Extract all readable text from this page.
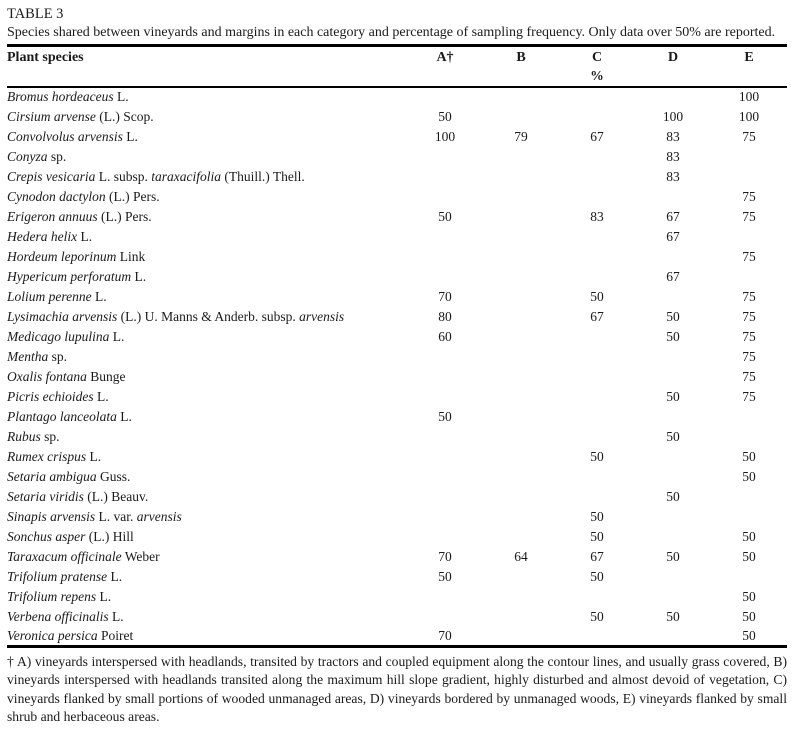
TABLE 3
Species shared between vineyards and margins in each category and percentage of sampling frequency. Only data over 50% are reported.
Plant species	A†	B	C	D	E
			%		
Bromus hordeaceus L.					100
Cirsium arvense (L.) Scop.	50			100	100
Convolvolus arvensis L.	100	79	67	83	75
Conyza sp.				83	
Crepis vesicaria L. subsp. taraxacifolia (Thuill.) Thell.				83	
Cynodon dactylon (L.) Pers.					75
Erigeron annuus (L.) Pers.	50		83	67	75
Hedera helix L.				67	
Hordeum leporinum Link					75
Hypericum perforatum L.				67	
Lolium perenne L.	70		50		75
Lysimachia arvensis (L.) U. Manns & Anderb. subsp. arvensis	80		67	50	75
Medicago lupulina L.	60			50	75
Mentha sp.					75
Oxalis fontana Bunge					75
Picris echioides L.				50	75
Plantago lanceolata L.	50				
Rubus sp.				50	
Rumex crispus L.			50		50
Setaria ambigua Guss.					50
Setaria viridis (L.) Beauv.				50	
Sinapis arvensis L. var. arvensis			50		
Sonchus asper (L.) Hill			50		50
Taraxacum officinale Weber	70	64	67	50	50
Trifolium pratense L.	50		50		
Trifolium repens L.					50
Verbena officinalis L.			50	50	50
Veronica persica Poiret	70				50
† A) vineyards interspersed with headlands, transited by tractors and coupled equipment along the contour lines, and usually grass covered, B) vineyards interspersed with headlands transited along the maximum hill slope gradient, highly disturbed and almost devoid of vegetation, C) vineyards flanked by small portions of wooded unmanaged areas, D) vineyards bordered by unmanaged woods, E) vineyards flanked by small shrub and herbaceous areas.
